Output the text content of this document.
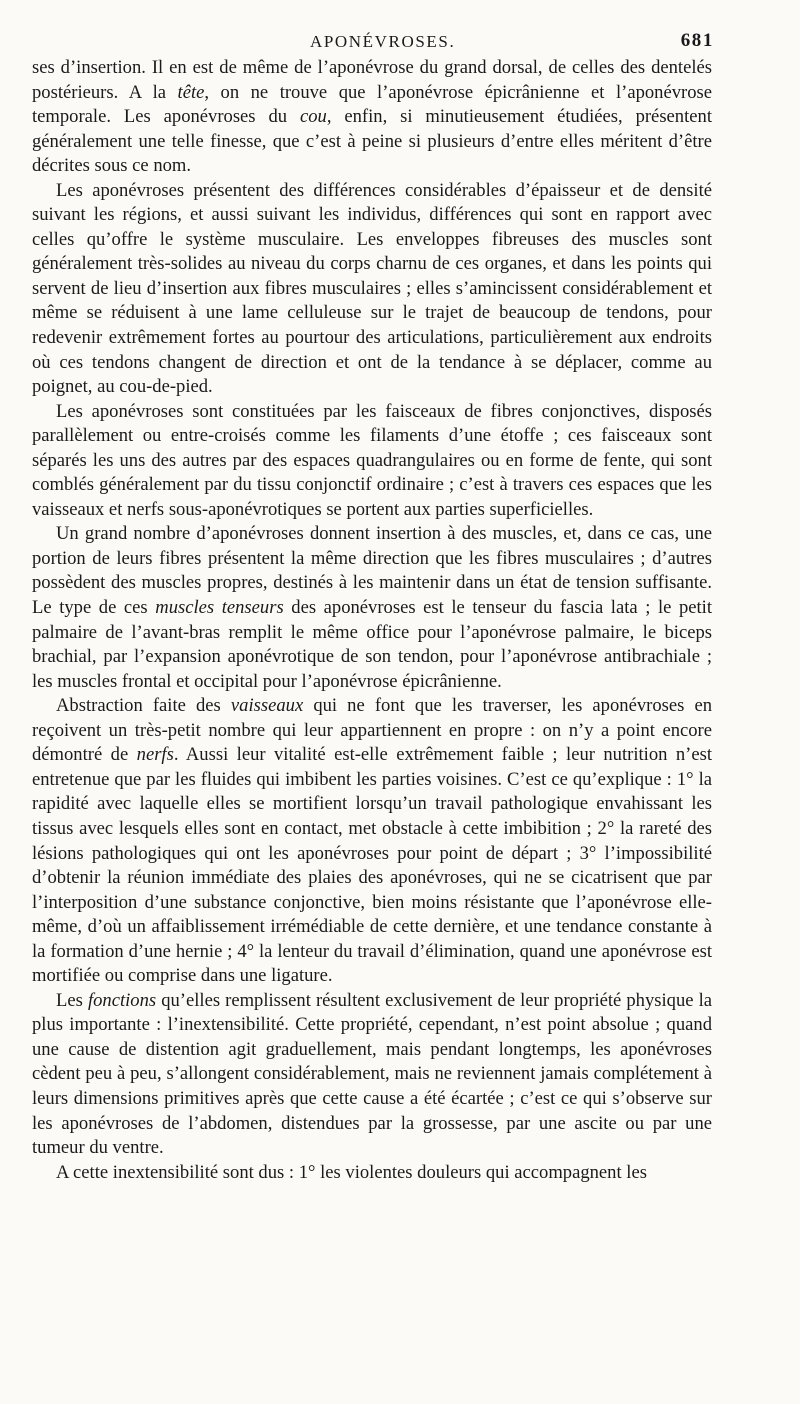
APONÉVROSES.	681

ses d’insertion. Il en est de même de l’aponévrose du grand dorsal, de celles des dentelés postérieurs. A la tête, on ne trouve que l’aponévrose épicrânienne et l’aponévrose temporale. Les aponévroses du cou, enfin, si minutieusement étudiées, présentent généralement une telle finesse, que c’est à peine si plusieurs d’entre elles méritent d’être décrites sous ce nom.

Les aponévroses présentent des différences considérables d’épaisseur et de densité suivant les régions, et aussi suivant les individus, différences qui sont en rapport avec celles qu’offre le système musculaire. Les enveloppes fibreuses des muscles sont généralement très-solides au niveau du corps charnu de ces organes, et dans les points qui servent de lieu d’insertion aux fibres musculaires ; elles s’amincissent considérablement et même se réduisent à une lame celluleuse sur le trajet de beaucoup de tendons, pour redevenir extrêmement fortes au pourtour des articulations, particulièrement aux endroits où ces tendons changent de direction et ont de la tendance à se déplacer, comme au poignet, au cou-de-pied.

Les aponévroses sont constituées par les faisceaux de fibres conjonctives, disposés parallèlement ou entre-croisés comme les filaments d’une étoffe ; ces faisceaux sont séparés les uns des autres par des espaces quadrangulaires ou en forme de fente, qui sont comblés généralement par du tissu conjonctif ordinaire ; c’est à travers ces espaces que les vaisseaux et nerfs sous-aponévrotiques se portent aux parties superficielles.

Un grand nombre d’aponévroses donnent insertion à des muscles, et, dans ce cas, une portion de leurs fibres présentent la même direction que les fibres musculaires ; d’autres possèdent des muscles propres, destinés à les maintenir dans un état de tension suffisante. Le type de ces muscles tenseurs des aponévroses est le tenseur du fascia lata ; le petit palmaire de l’avant-bras remplit le même office pour l’aponévrose palmaire, le biceps brachial, par l’expansion aponévrotique de son tendon, pour l’aponévrose antibrachiale ; les muscles frontal et occipital pour l’aponévrose épicrânienne.

Abstraction faite des vaisseaux qui ne font que les traverser, les aponévroses en reçoivent un très-petit nombre qui leur appartiennent en propre : on n’y a point encore démontré de nerfs. Aussi leur vitalité est-elle extrêmement faible ; leur nutrition n’est entretenue que par les fluides qui imbibent les parties voisines. C’est ce qu’explique : 1° la rapidité avec laquelle elles se mortifient lorsqu’un travail pathologique envahissant les tissus avec lesquels elles sont en contact, met obstacle à cette imbibition ; 2° la rareté des lésions pathologiques qui ont les aponévroses pour point de départ ; 3° l’impossibilité d’obtenir la réunion immédiate des plaies des aponévroses, qui ne se cicatrisent que par l’interposition d’une substance conjonctive, bien moins résistante que l’aponévrose elle-même, d’où un affaiblissement irrémédiable de cette dernière, et une tendance constante à la formation d’une hernie ; 4° la lenteur du travail d’élimination, quand une aponévrose est mortifiée ou comprise dans une ligature.

Les fonctions qu’elles remplissent résultent exclusivement de leur propriété physique la plus importante : l’inextensibilité. Cette propriété, cependant, n’est point absolue ; quand une cause de distention agit graduellement, mais pendant longtemps, les aponévroses cèdent peu à peu, s’allongent considérablement, mais ne reviennent jamais complétement à leurs dimensions primitives après que cette cause a été écartée ; c’est ce qui s’observe sur les aponévroses de l’abdomen, distendues par la grossesse, par une ascite ou par une tumeur du ventre.

A cette inextensibilité sont dus : 1° les violentes douleurs qui accompagnent les
